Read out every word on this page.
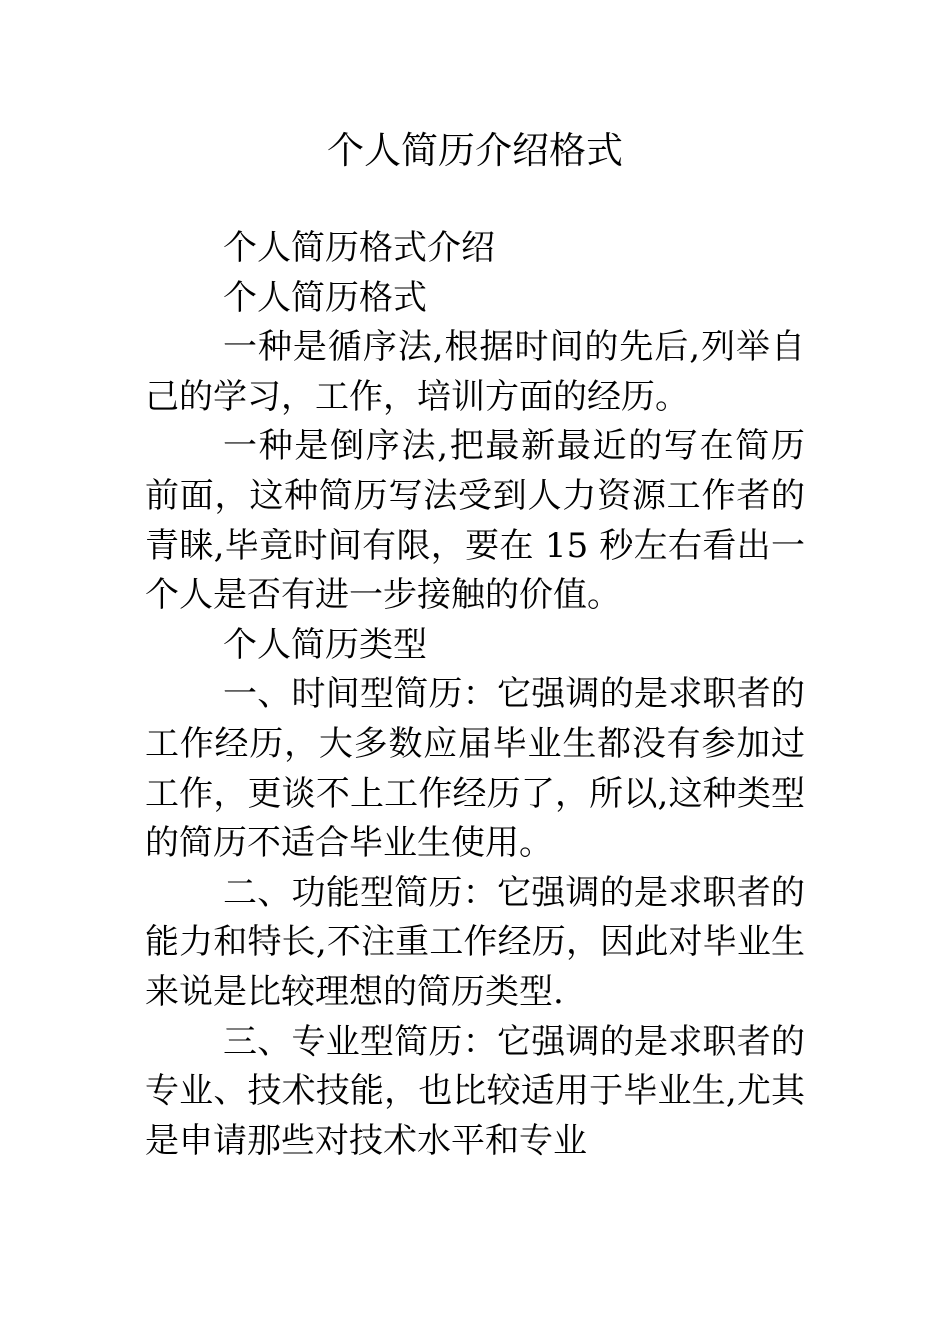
个人简历介绍格式

个人简历格式介绍

个人简历格式

一种是循序法,根据时间的先后,列举自己的学习，工作，培训方面的经历。

一种是倒序法,把最新最近的写在简历前面，这种简历写法受到人力资源工作者的青睐,毕竟时间有限，要在 15 秒左右看出一个人是否有进一步接触的价值。

个人简历类型

一、时间型简历：它强调的是求职者的工作经历，大多数应届毕业生都没有参加过工作，更谈不上工作经历了，所以,这种类型的简历不适合毕业生使用。

二、功能型简历：它强调的是求职者的能力和特长,不注重工作经历，因此对毕业生来说是比较理想的简历类型.

三、专业型简历：它强调的是求职者的专业、技术技能，也比较适用于毕业生,尤其是申请那些对技术水平和专业
